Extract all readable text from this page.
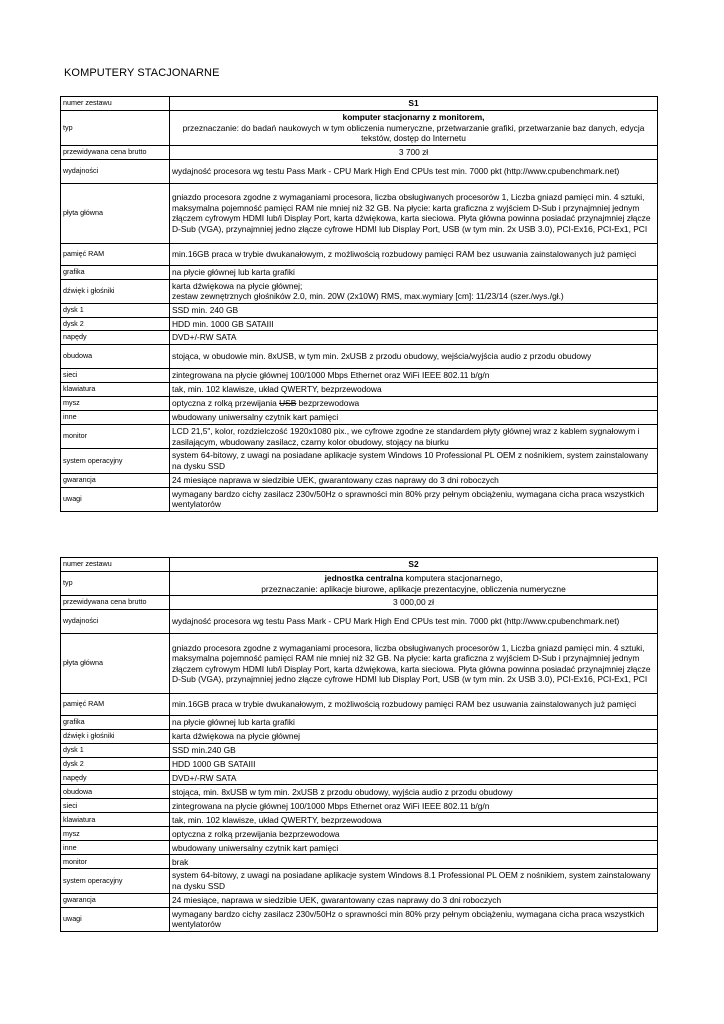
KOMPUTERY STACJONARNE
numer zestawu	S1

typ	komputer stacjonarny z monitorem,
przeznaczanie: do badań naukowych w tym obliczenia numeryczne, przetwarzanie grafiki, przetwarzanie baz danych, edycja tekstów, dostęp do Internetu

przewidywana cena brutto	3 700 zł

wydajności	wydajność procesora wg testu Pass Mark - CPU Mark High End CPUs test min. 7000 pkt (http://www.cpubenchmark.net)

płyta główna	gniazdo procesora zgodne z wymaganiami procesora, liczba obsługiwanych procesorów 1, Liczba gniazd pamięci min. 4 sztuki, maksymalna pojemność pamięci RAM nie mniej niż 32 GB. Na płycie: karta graficzna z wyjściem D-Sub i przynajmniej jednym złączem cyfrowym HDMI lub/i Display Port, karta dźwiękowa, karta sieciowa. Płyta główna powinna posiadać przynajmniej złącze D-Sub (VGA), przynajmniej jedno złącze cyfrowe HDMI lub Display Port, USB (w tym min. 2x USB 3.0), PCI-Ex16, PCI-Ex1, PCI

pamięć RAM	min.16GB praca w trybie dwukanałowym, z możliwością rozbudowy pamięci RAM bez usuwania zainstalowanych już pamięci

grafika	na płycie głównej lub karta grafiki

dźwięk i głośniki	karta dźwiękowa na płycie głównej;
zestaw zewnętrznych głośników 2.0, min. 20W (2x10W) RMS, max.wymiary [cm]: 11/23/14 (szer./wys./gł.)

dysk 1	SSD min. 240 GB

dysk 2	HDD min. 1000 GB SATAIII

napędy	DVD+/-RW SATA

obudowa	stojąca, w obudowie min. 8xUSB, w tym min. 2xUSB z przodu obudowy, wejścia/wyjścia audio z przodu obudowy

sieci	zintegrowana na płycie głównej 100/1000 Mbps Ethernet oraz WiFi IEEE 802.11 b/g/n

klawiatura	tak, min. 102 klawisze, układ QWERTY, bezprzewodowa

mysz	optyczna z rolką przewijania USB bezprzewodowa
inne	wbudowany uniwersalny czytnik kart pamięci

monitor	LCD 21,5", kolor, rozdzielczość 1920x1080 pix., we cyfrowe zgodne ze standardem płyty głównej wraz z kablem sygnałowym i zasilającym, wbudowany zasilacz, czarny kolor obudowy, stojący na biurku

system operacyjny	system 64-bitowy, z uwagi na posiadane aplikacje system Windows 10 Professional PL OEM z nośnikiem, system zainstalowany na dysku SSD

gwarancja	24 miesiące naprawa w siedzibie UEK, gwarantowany czas naprawy do 3 dni roboczych

uwagi	wymagany bardzo cichy zasilacz 230v/50Hz o sprawności min 80% przy pełnym obciążeniu, wymagana cicha praca wszystkich wentylatorów
numer zestawu	S2

typ	jednostka centralna komputera stacjonarnego,
przeznaczanie: aplikacje biurowe, aplikacje prezentacyjne, obliczenia numeryczne

przewidywana cena brutto	3 000,00 zł

wydajności	wydajność procesora wg testu Pass Mark - CPU Mark High End CPUs test min. 7000 pkt (http://www.cpubenchmark.net)

płyta główna	gniazdo procesora zgodne z wymaganiami procesora, liczba obsługiwanych procesorów 1, Liczba gniazd pamięci min. 4 sztuki, maksymalna pojemność pamięci RAM nie mniej niż 32 GB. Na płycie: karta graficzna z wyjściem D-Sub i przynajmniej jednym złączem cyfrowym HDMI lub/i Display Port, karta dźwiękowa, karta sieciowa. Płyta główna powinna posiadać przynajmniej złącze D-Sub (VGA), przynajmniej jedno złącze cyfrowe HDMI lub Display Port, USB (w tym min. 2x USB 3.0), PCI-Ex16, PCI-Ex1, PCI

pamięć RAM	min.16GB praca w trybie dwukanałowym, z możliwością rozbudowy pamięci RAM bez usuwania zainstalowanych już pamięci

grafika	na płycie głównej lub karta grafiki

dźwięk i głośniki	karta dźwiękowa na płycie głównej

dysk 1	SSD min.240 GB

dysk 2	HDD 1000 GB SATAIII

napędy	DVD+/-RW SATA

obudowa	stojąca, min. 8xUSB w tym min. 2xUSB z przodu obudowy, wyjścia audio z przodu obudowy

sieci	zintegrowana na płycie głównej 100/1000 Mbps Ethernet oraz WiFi IEEE 802.11 b/g/n

klawiatura	tak, min. 102 klawisze, układ QWERTY, bezprzewodowa

mysz	optyczna z rolką przewijania bezprzewodowa

inne	wbudowany uniwersalny czytnik kart pamięci

monitor	brak

system operacyjny	system 64-bitowy, z uwagi na posiadane aplikacje system Windows 8.1 Professional PL OEM z nośnikiem, system zainstalowany na dysku SSD

gwarancja	24 miesiące, naprawa w siedzibie UEK, gwarantowany czas naprawy do 3 dni roboczych

uwagi	wymagany bardzo cichy zasilacz 230v/50Hz o sprawności min 80% przy pełnym obciążeniu, wymagana cicha praca wszystkich wentylatorów
